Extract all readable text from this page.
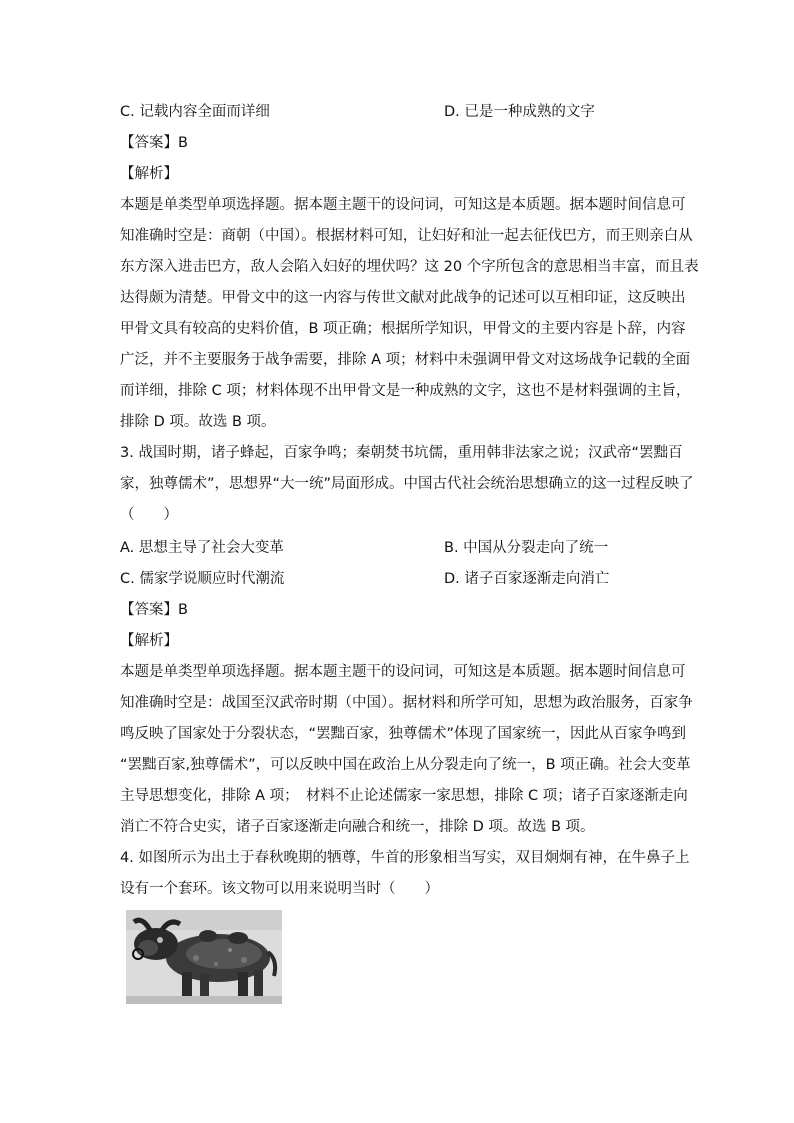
C. 记载内容全面而详细	D. 已是一种成熟的文字
【答案】B
【解析】
本题是单类型单项选择题。据本题主题干的设问词，可知这是本质题。据本题时间信息可
知准确时空是：商朝（中国）。根据材料可知，让妇好和沚一起去征伐巴方，而王则亲白从
东方深入进击巴方，敌人会陷入妇好的埋伏吗？这 20 个字所包含的意思相当丰富，而且表
达得颇为清楚。甲骨文中的这一内容与传世文献对此战争的记述可以互相印证，这反映出
甲骨文具有较高的史料价值，B 项正确；根据所学知识，甲骨文的主要内容是卜辞，内容
广泛，并不主要服务于战争需要，排除 A 项；材料中未强调甲骨文对这场战争记载的全面
而详细，排除 C 项；材料体现不出甲骨文是一种成熟的文字，这也不是材料强调的主旨，
排除 D 项。故选 B 项。
3. 战国时期，诸子蜂起，百家争鸣；秦朝焚书坑儒，重用韩非法家之说；汉武帝“罢黜百
家，独尊儒术”，思想界“大一统”局面形成。中国古代社会统治思想确立的这一过程反映了
（　　）
A. 思想主导了社会大变革	B. 中国从分裂走向了统一
C. 儒家学说顺应时代潮流	D. 诸子百家逐渐走向消亡
【答案】B
【解析】
本题是单类型单项选择题。据本题主题干的设问词，可知这是本质题。据本题时间信息可
知准确时空是：战国至汉武帝时期（中国）。据材料和所学可知，思想为政治服务，百家争
鸣反映了国家处于分裂状态，“罢黜百家，独尊儒术”体现了国家统一，因此从百家争鸣到
“罢黜百家,独尊儒术”，可以反映中国在政治上从分裂走向了统一，B 项正确。社会大变革
主导思想变化，排除 A 项；　材料不止论述儒家一家思想，排除 C 项；诸子百家逐渐走向
消亡不符合史实，诸子百家逐渐走向融合和统一，排除 D 项。故选 B 项。
4. 如图所示为出土于春秋晚期的牺尊，牛首的形象相当写实，双目炯炯有神，在牛鼻子上
设有一个套环。该文物可以用来说明当时（　　）
